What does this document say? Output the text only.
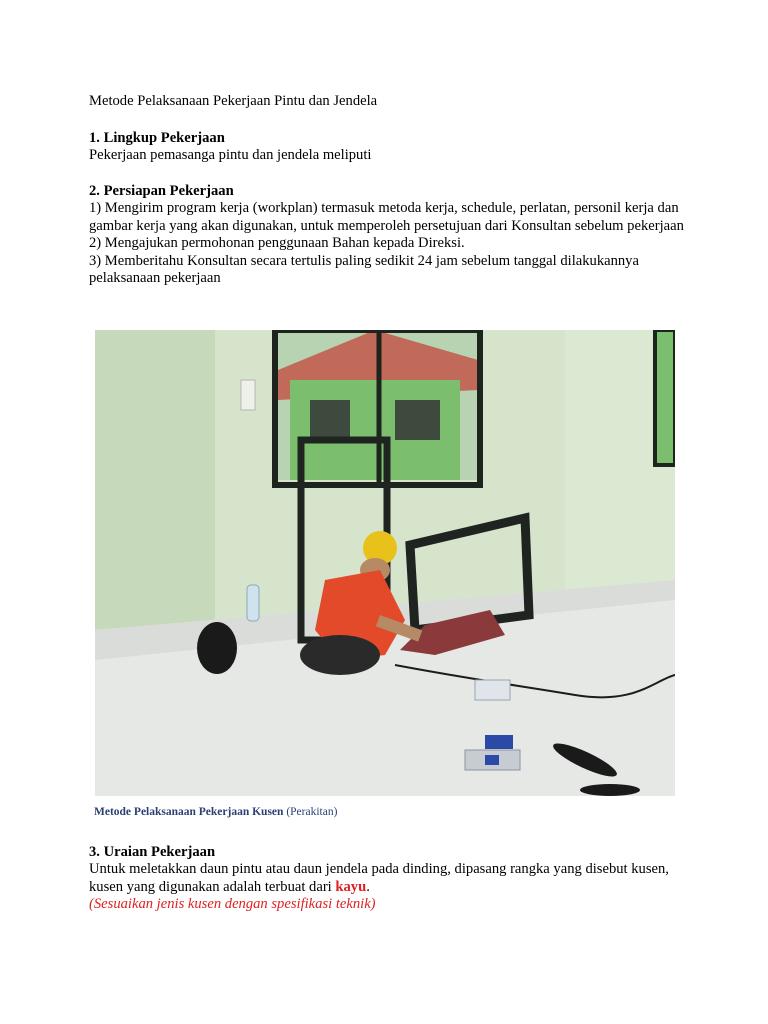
Metode Pelaksanaan Pekerjaan Pintu dan Jendela
1. Lingkup Pekerjaan
Pekerjaan pemasanga pintu dan jendela meliputi
2. Persiapan Pekerjaan
1) Mengirim program kerja (workplan) termasuk metoda kerja, schedule, perlatan, personil kerja dan gambar kerja yang akan digunakan, untuk memperoleh persetujuan dari Konsultan sebelum pekerjaan
2) Mengajukan permohonan penggunaan Bahan kepada Direksi.
3) Memberitahu Konsultan secara tertulis paling sedikit 24 jam sebelum tanggal dilakukannya pelaksanaan pekerjaan
Metode Pelaksanaan Pekerjaan Kusen (Perakitan)
3. Uraian Pekerjaan
Untuk meletakkan daun pintu atau daun jendela pada dinding, dipasang rangka yang disebut kusen, kusen yang digunakan adalah terbuat dari kayu.
(Sesuaikan jenis kusen dengan spesifikasi teknik)
